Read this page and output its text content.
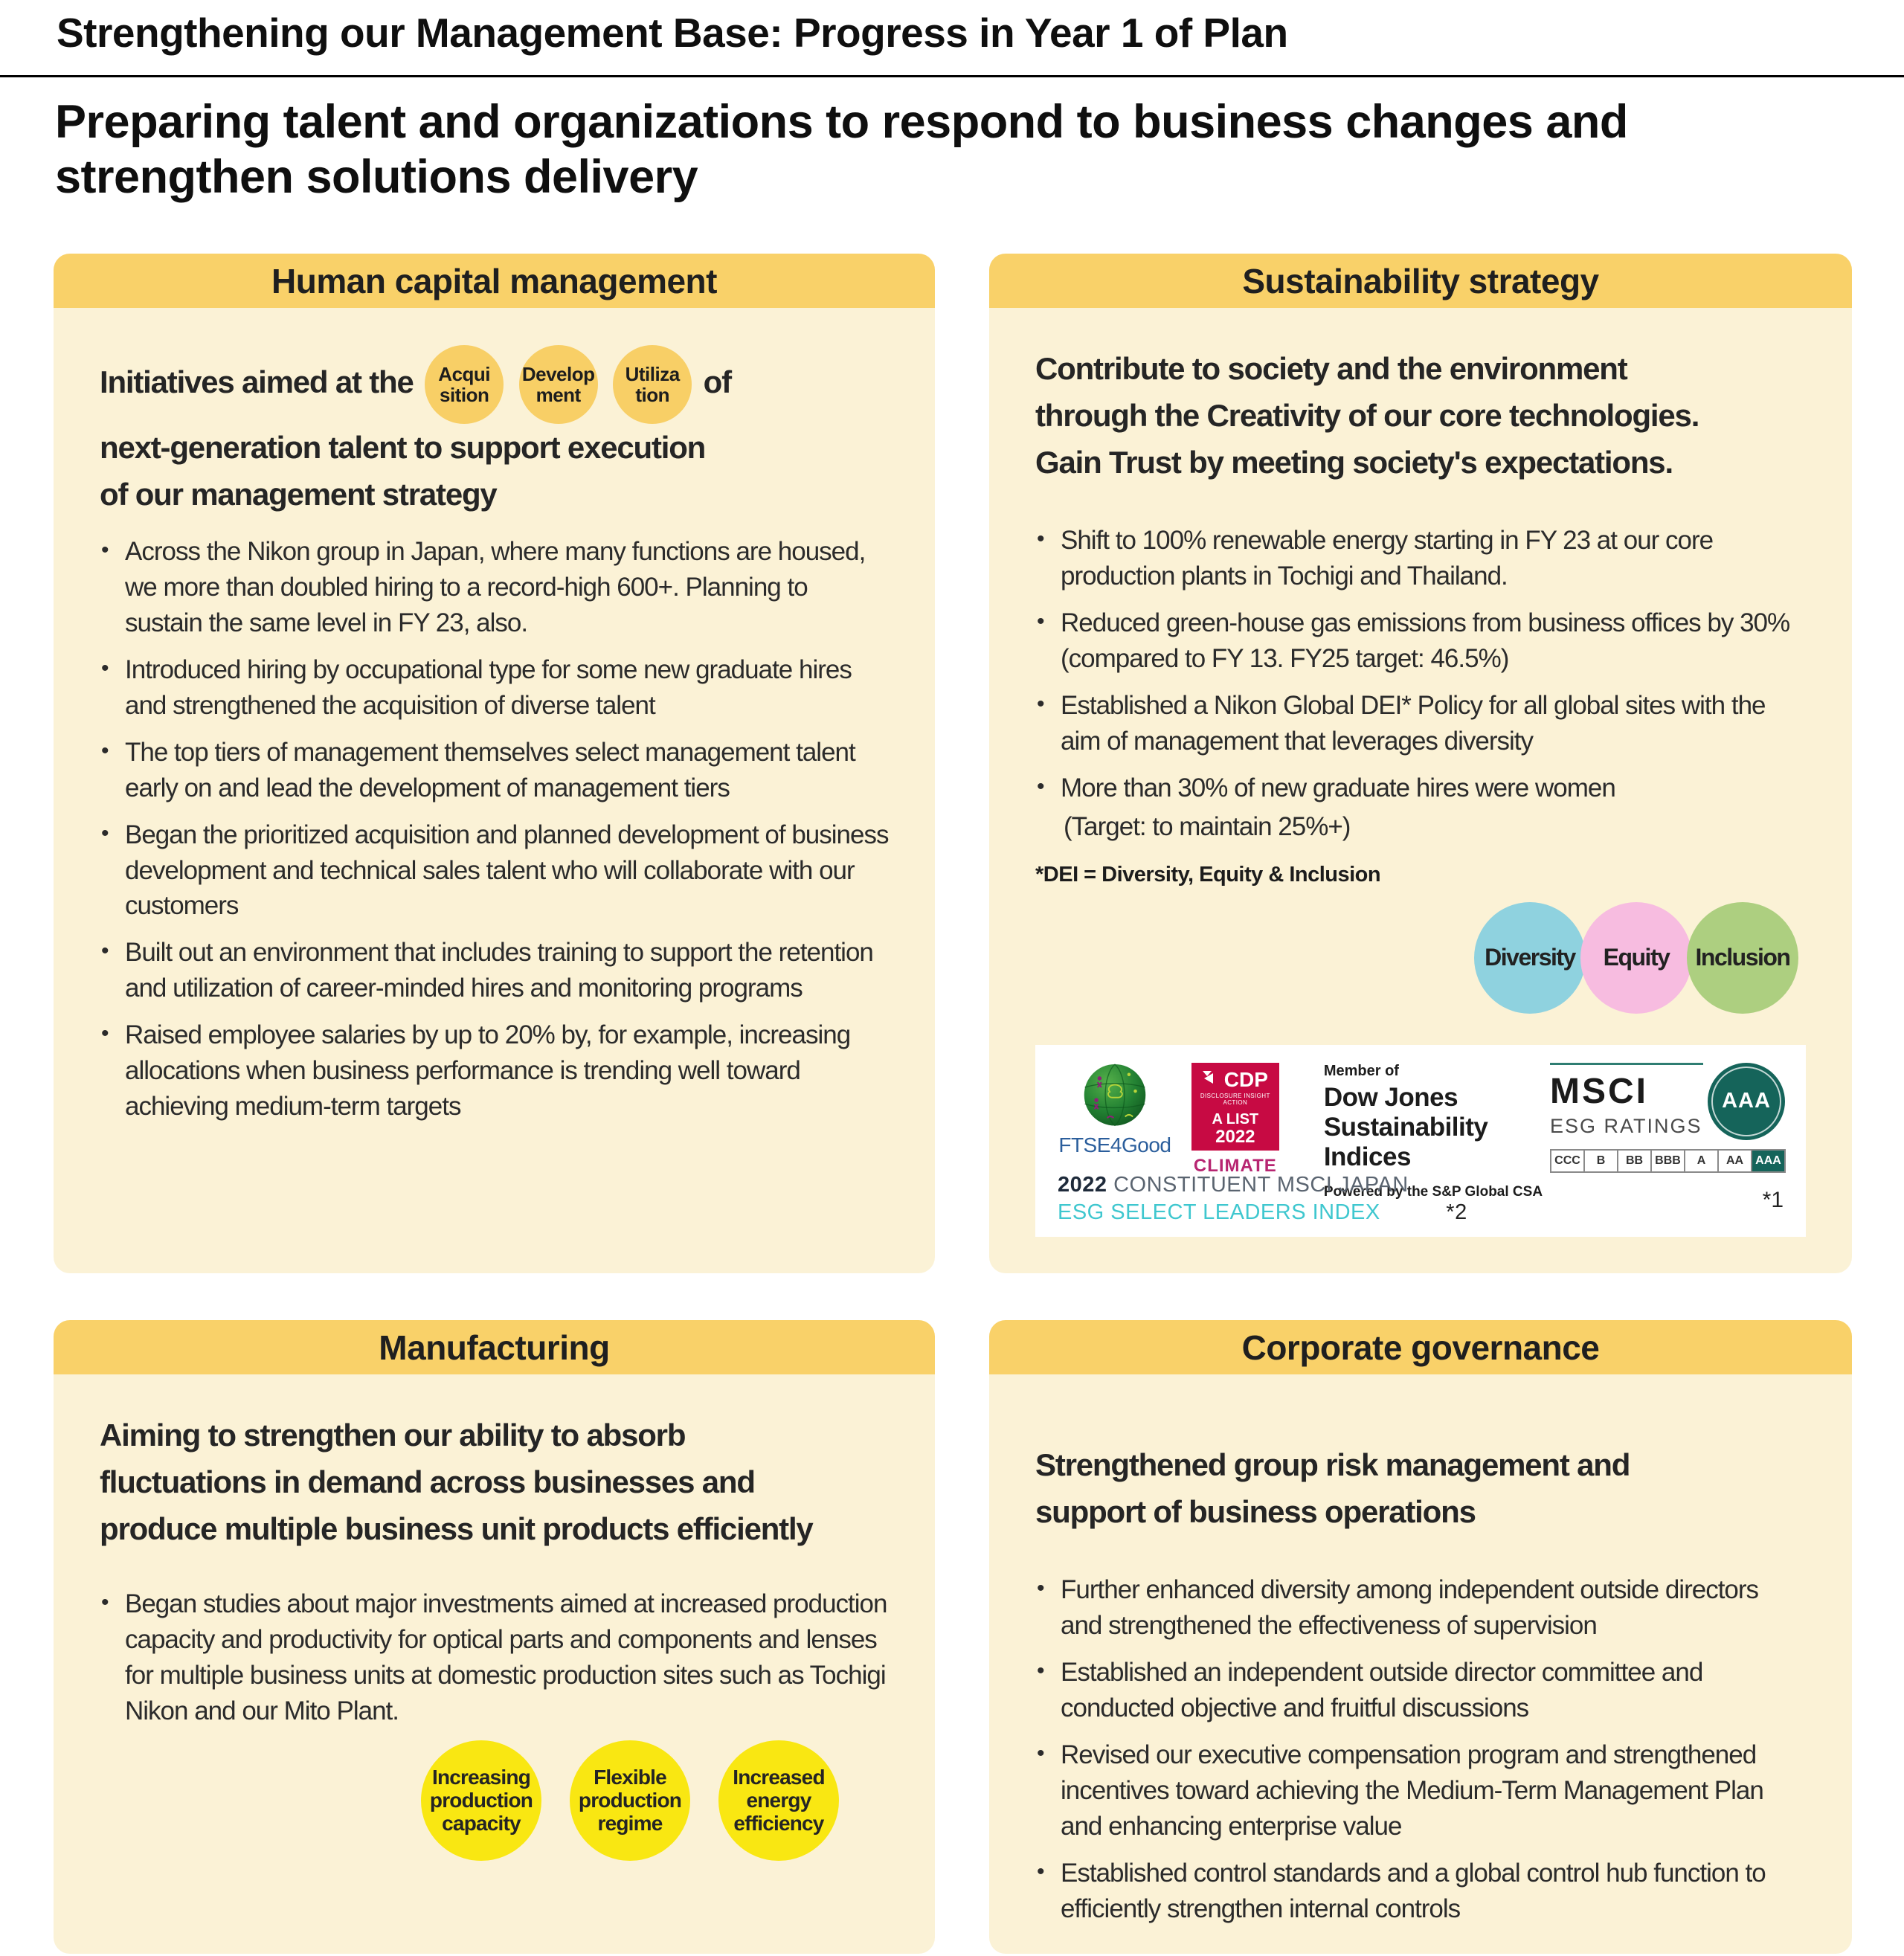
Strengthening our Management Base: Progress in Year 1 of Plan
Preparing talent and organizations to respond to business changes and strengthen solutions delivery
Human capital management

Initiatives aimed at the Acqui
sition

Develop
ment

Utiliza
tion of
next-generation talent to support execution
of our management strategy

• Across the Nikon group in Japan, where many functions are housed, we more than doubled hiring to a record-high 600+. Planning to sustain the same level in FY 23, also.
• Introduced hiring by occupational type for some new graduate hires and strengthened the acquisition of diverse talent
• The top tiers of management themselves select management talent early on and lead the development of management tiers
• Began the prioritized acquisition and planned development of business development and technical sales talent who will collaborate with our customers
• Built out an environment that includes training to support the retention and utilization of career-minded hires and monitoring programs
• Raised employee salaries by up to 20% by, for example, increasing allocations when business performance is trending well toward achieving medium-term targets
Sustainability strategy

Contribute to society and the environment
through the Creativity of our core technologies.
Gain Trust by meeting society's expectations.

• Shift to 100% renewable energy starting in FY 23 at our core production plants in Tochigi and Thailand.
• Reduced green-house gas emissions from business offices by 30% (compared to FY 13. FY25 target: 46.5%)
• Established a Nikon Global DEI* Policy for all global sites with the aim of management that leverages diversity
• More than 30% of new graduate hires were women
(Target: to maintain 25%+)
*DEI = Diversity, Equity & Inclusion
Diversity Equity Inclusion
FTSE4Good
CDP
DISCLOSURE INSIGHT ACTION
A LIST
2022
CLIMATE
Member of
Dow Jones
Sustainability Indices
Powered by the S&P Global CSA
MSCI
ESG RATINGS
AAA
CCC	B	BB	BBB	A	AA	AAA
*1
2022 CONSTITUENT MSCI JAPAN
ESG SELECT LEADERS INDEX	*2
Manufacturing

Aiming to strengthen our ability to absorb
fluctuations in demand across businesses and
produce multiple business unit products efficiently

• Began studies about major investments aimed at increased production capacity and productivity for optical parts and components and lenses for multiple business units at domestic production sites such as Tochigi Nikon and our Mito Plant.
Increasing
production
capacity
Flexible
production
regime
Increased
energy
efficiency
Corporate governance

Strengthened group risk management and
support of business operations

• Further enhanced diversity among independent outside directors and strengthened the effectiveness of supervision
• Established an independent outside director committee and conducted objective and fruitful discussions
• Revised our executive compensation program and strengthened incentives toward achieving the Medium-Term Management Plan and enhancing enterprise value
• Established control standards and a global control hub function to efficiently strengthen internal controls
